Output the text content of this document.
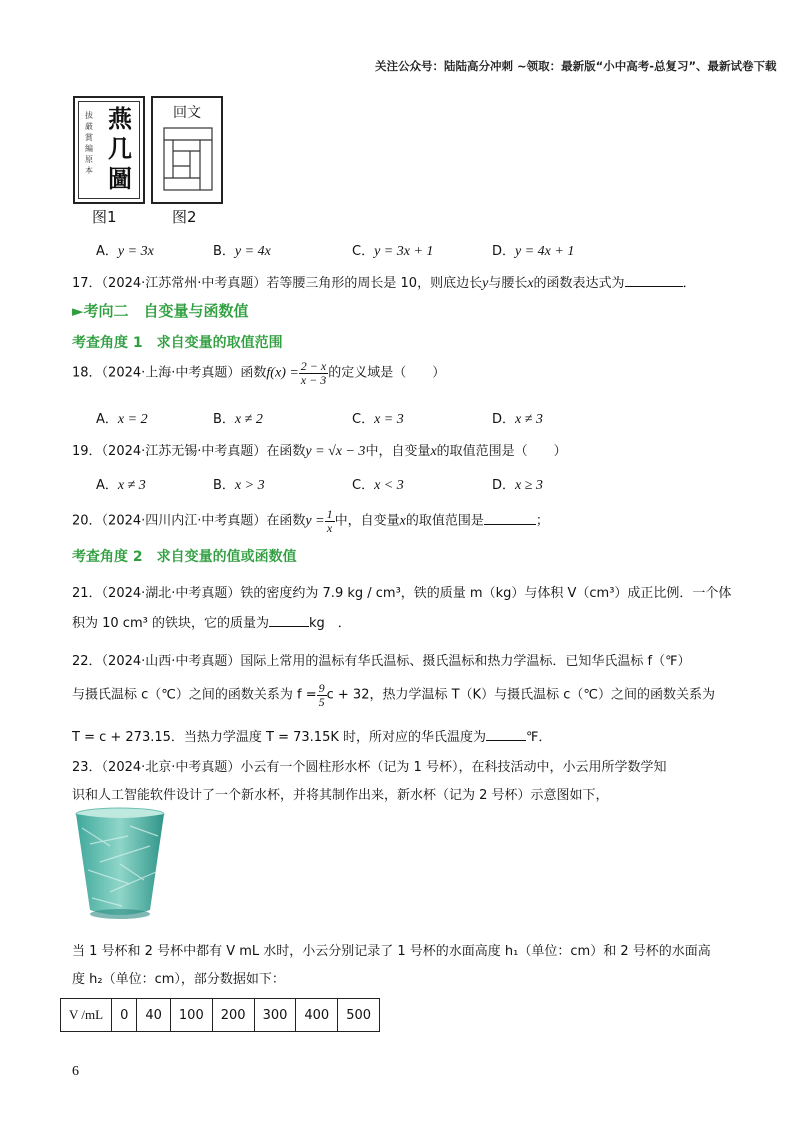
关注公众号：陆陆高分冲刺 ~领取：最新版“小中高考-总复习”、最新试卷下载
拔
厳
賞
編
原
本
燕
几
圖
回文
图1	图2
A．y = 3x	B．y = 4x	C．y = 3x + 1	D．y = 4x + 1
17．（2024·江苏常州·中考真题）若等腰三角形的周长是 10，则底边长y与腰长x的函数表达式为	．
►考向二　自变量与函数值
考查角度 1　求自变量的取值范围
18．（2024·上海·中考真题）函数$f(x) = \frac{2 - x}{x - 3}$ 的定义域是（　　）
A．x = 2	B．x ≠ 2	C．x = 3	D．x ≠ 3
19．（2024·江苏无锡·中考真题）在函数y = √x − 3中，自变量x的取值范围是（　　）
A．x ≠ 3	B．x > 3	C．x < 3	D．x ≥ 3
20．（2024·四川内江·中考真题）在函数$y = \frac{1}{x}$ 中，自变量x的取值范围是	；
考查角度 2　求自变量的值或函数值
21．（2024·湖北·中考真题）铁的密度约为 7.9 kg / cm³，铁的质量 m（kg）与体积 V（cm³）成正比例．一个体
积为 10 cm³ 的铁块，它的质量为	kg　．
22．（2024·山西·中考真题）国际上常用的温标有华氏温标、摄氏温标和热力学温标．已知华氏温标 f（℉）
与摄氏温标 c（℃）之间的函数关系为 $f = \frac{9}{5}$ c + 32，热力学温标 T（K）与摄氏温标 c（℃）之间的函数关系为
T = c + 273.15．当热力学温度 T = 73.15K 时，所对应的华氏温度为	℉．
23．（2024·北京·中考真题）小云有一个圆柱形水杯（记为 1 号杯），在科技活动中，小云用所学数学知
识和人工智能软件设计了一个新水杯，并将其制作出来，新水杯（记为 2 号杯）示意图如下，
当 1 号杯和 2 号杯中都有 V mL 水时，小云分别记录了 1 号杯的水面高度 h₁（单位：cm）和 2 号杯的水面高
度 h₂（单位：cm），部分数据如下：
V /mL	0	40	100	200	300	400	500
6
